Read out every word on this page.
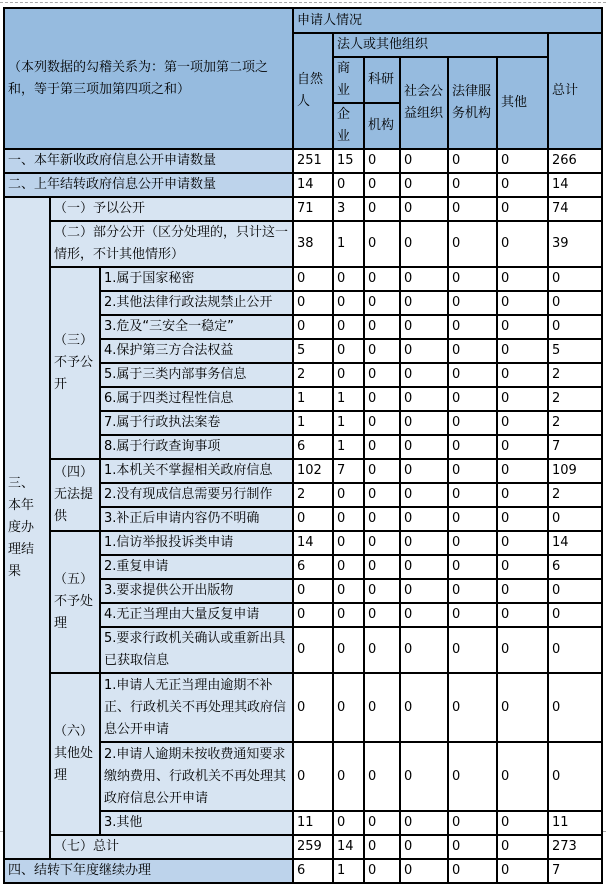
（本列数据的勾稽关系为：第一项加第二项之和，等于第三项加第四项之和）			申请人情况						
			自然人	法人或其他组织					总计
				商业	科研	社会公益组织	法律服务机构	其他	
				企业	机构				
一、本年新收政府信息公开申请数量			251	15	0	0	0	0	266
二、上年结转政府信息公开申请数量			14	0	0	0	0	0	14
三、本年度办理结果	（一）予以公开		71	3	0	0	0	0	74
	（二）部分公开（区分处理的，只计这一情形，不计其他情形）		38	1	0	0	0	0	39
	（三）不予公开	1.属于国家秘密	0	0	0	0	0	0	0
		2.其他法律行政法规禁止公开	0	0	0	0	0	0	0
		3.危及“三安全一稳定”	0	0	0	0	0	0	0
		4.保护第三方合法权益	5	0	0	0	0	0	5
		5.属于三类内部事务信息	2	0	0	0	0	0	2
		6.属于四类过程性信息	1	1	0	0	0	0	2
		7.属于行政执法案卷	1	1	0	0	0	0	2
		8.属于行政查询事项	6	1	0	0	0	0	7
	（四）无法提供	1.本机关不掌握相关政府信息	102	7	0	0	0	0	109
		2.没有现成信息需要另行制作	2	0	0	0	0	0	2
		3.补正后申请内容仍不明确	0	0	0	0	0	0	0
	（五）不予处理	1.信访举报投诉类申请	14	0	0	0	0	0	14
		2.重复申请	6	0	0	0	0	0	6
		3.要求提供公开出版物	0	0	0	0	0	0	0
		4.无正当理由大量反复申请	0	0	0	0	0	0	0
		5.要求行政机关确认或重新出具已获取信息	0	0	0	0	0	0	0
	（六）其他处理	1.申请人无正当理由逾期不补正、行政机关不再处理其政府信息公开申请	0	0	0	0	0	0	0
		2.申请人逾期未按收费通知要求缴纳费用、行政机关不再处理其政府信息公开申请	0	0	0	0	0	0	0
		3.其他	11	0	0	0	0	0	11
	（七）总计		259	14	0	0	0	0	273
四、结转下年度继续办理			6	1	0	0	0	0	7
